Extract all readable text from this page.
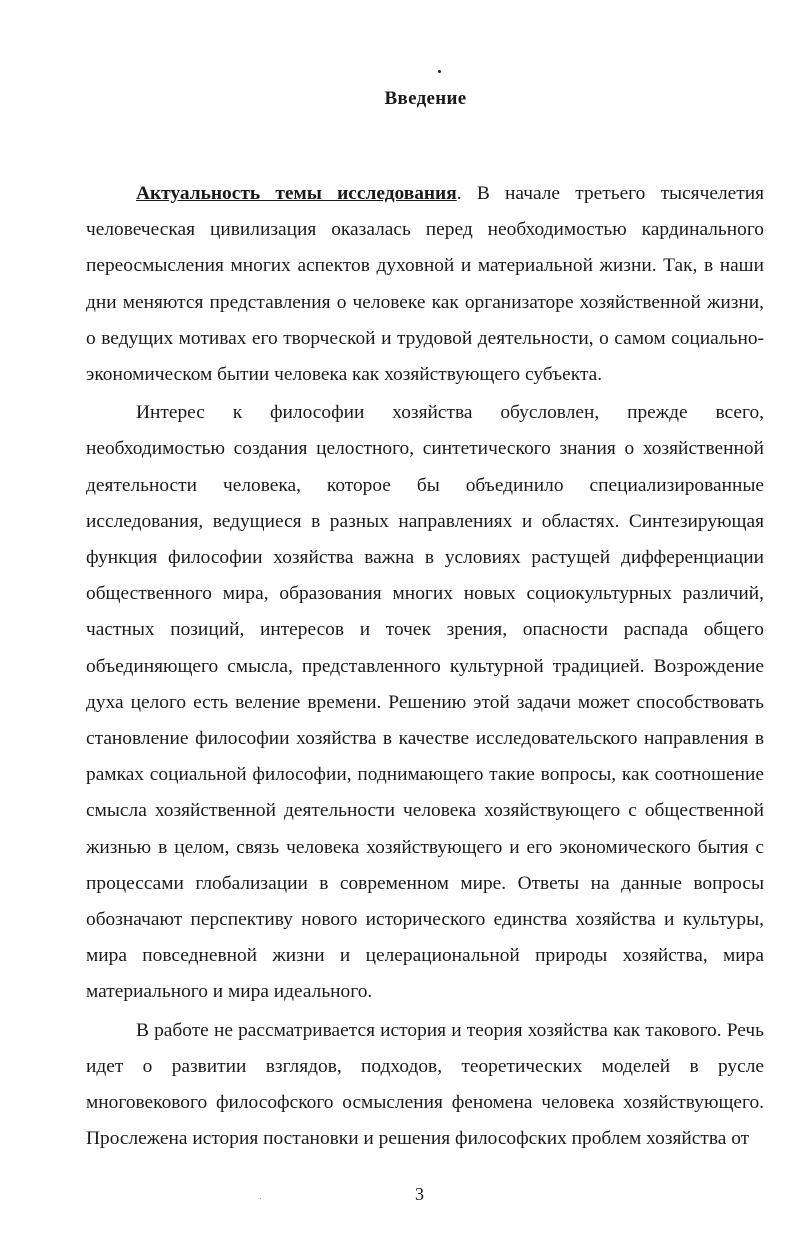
Введение

Актуальность темы исследования. В начале третьего тысячелетия человеческая цивилизация оказалась перед необходимостью кардинального переосмысления многих аспектов духовной и материальной жизни. Так, в наши дни меняются представления о человеке как организаторе хозяйственной жизни, о ведущих мотивах его творческой и трудовой деятельности, о самом социально-экономическом бытии человека как хозяйствующего субъекта.

Интерес к философии хозяйства обусловлен, прежде всего, необходимостью создания целостного, синтетического знания о хозяйственной деятельности человека, которое бы объединило специализированные исследования, ведущиеся в разных направлениях и областях. Синтезирующая функция философии хозяйства важна в условиях растущей дифференциации общественного мира, образования многих новых социокультурных различий, частных позиций, интересов и точек зрения, опасности распада общего объединяющего смысла, представленного культурной традицией. Возрождение духа целого есть веление времени. Решению этой задачи может способствовать становление философии хозяйства в качестве исследовательского направления в рамках социальной философии, поднимающего такие вопросы, как соотношение смысла хозяйственной деятельности человека хозяйствующего с общественной жизнью в целом, связь человека хозяйствующего и его экономического бытия с процессами глобализации в современном мире. Ответы на данные вопросы обозначают перспективу нового исторического единства хозяйства и культуры, мира повседневной жизни и целерациональной природы хозяйства, мира материального и мира идеального.

В работе не рассматривается история и теория хозяйства как такового. Речь идет о развитии взглядов, подходов, теоретических моделей в русле многовекового философского осмысления феномена человека хозяйствующего. Прослежена история постановки и решения философских проблем хозяйства от

3
